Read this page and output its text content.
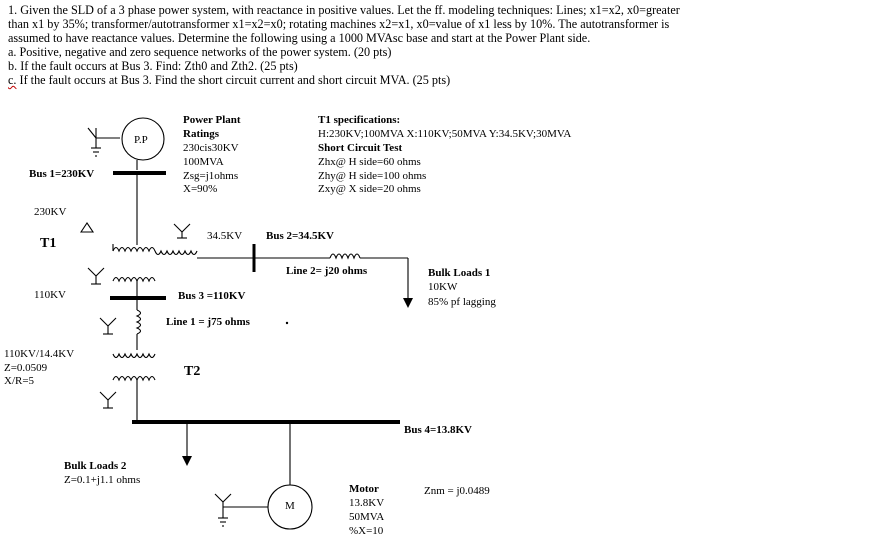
1. Given the SLD of a 3 phase power system, with reactance in positive values. Let the ff. modeling techniques: Lines; x1=x2, x0=greater
than x1 by 35%; transformer/autotransformer x1=x2=x0; rotating machines x2=x1, x0=value of x1 less by 10%. The autotransformer is
assumed to have reactance values. Determine the following using a 1000 MVAsc base and start at the Power Plant side.
a. Positive, negative and zero sequence networks of the power system. (20 pts)
b. If the fault occurs at Bus 3. Find: Zth0 and Zth2. (25 pts)
c. If the fault occurs at Bus 3. Find the short circuit current and short circuit MVA. (25 pts)
P.P
Power Plant
Ratings
230cis30KV
100MVA
Zsg=j1ohms
X=90%
T1 specifications:
H:230KV;100MVA X:110KV;50MVA Y:34.5KV;30MVA
Short Circuit Test
Zhx@ H side=60 ohms
Zhy@ H side=100 ohms
Zxy@ X side=20 ohms
Bus 1=230KV
230KV
T1	34.5KV Bus 2=34.5KV
Line 2= j20 ohms	Bulk Loads 1
10KW
85% pf lagging
110KV	Bus 3 =110KV
Line 1 = j75 ohms
110KV/14.4KV
Z=0.0509
X/R=5
T2
Bus 4=13.8KV
Bulk Loads 2
Z=0.1+j1.1 ohms
M
Motor
13.8KV
50MVA
%X=10
Znm = j0.0489
